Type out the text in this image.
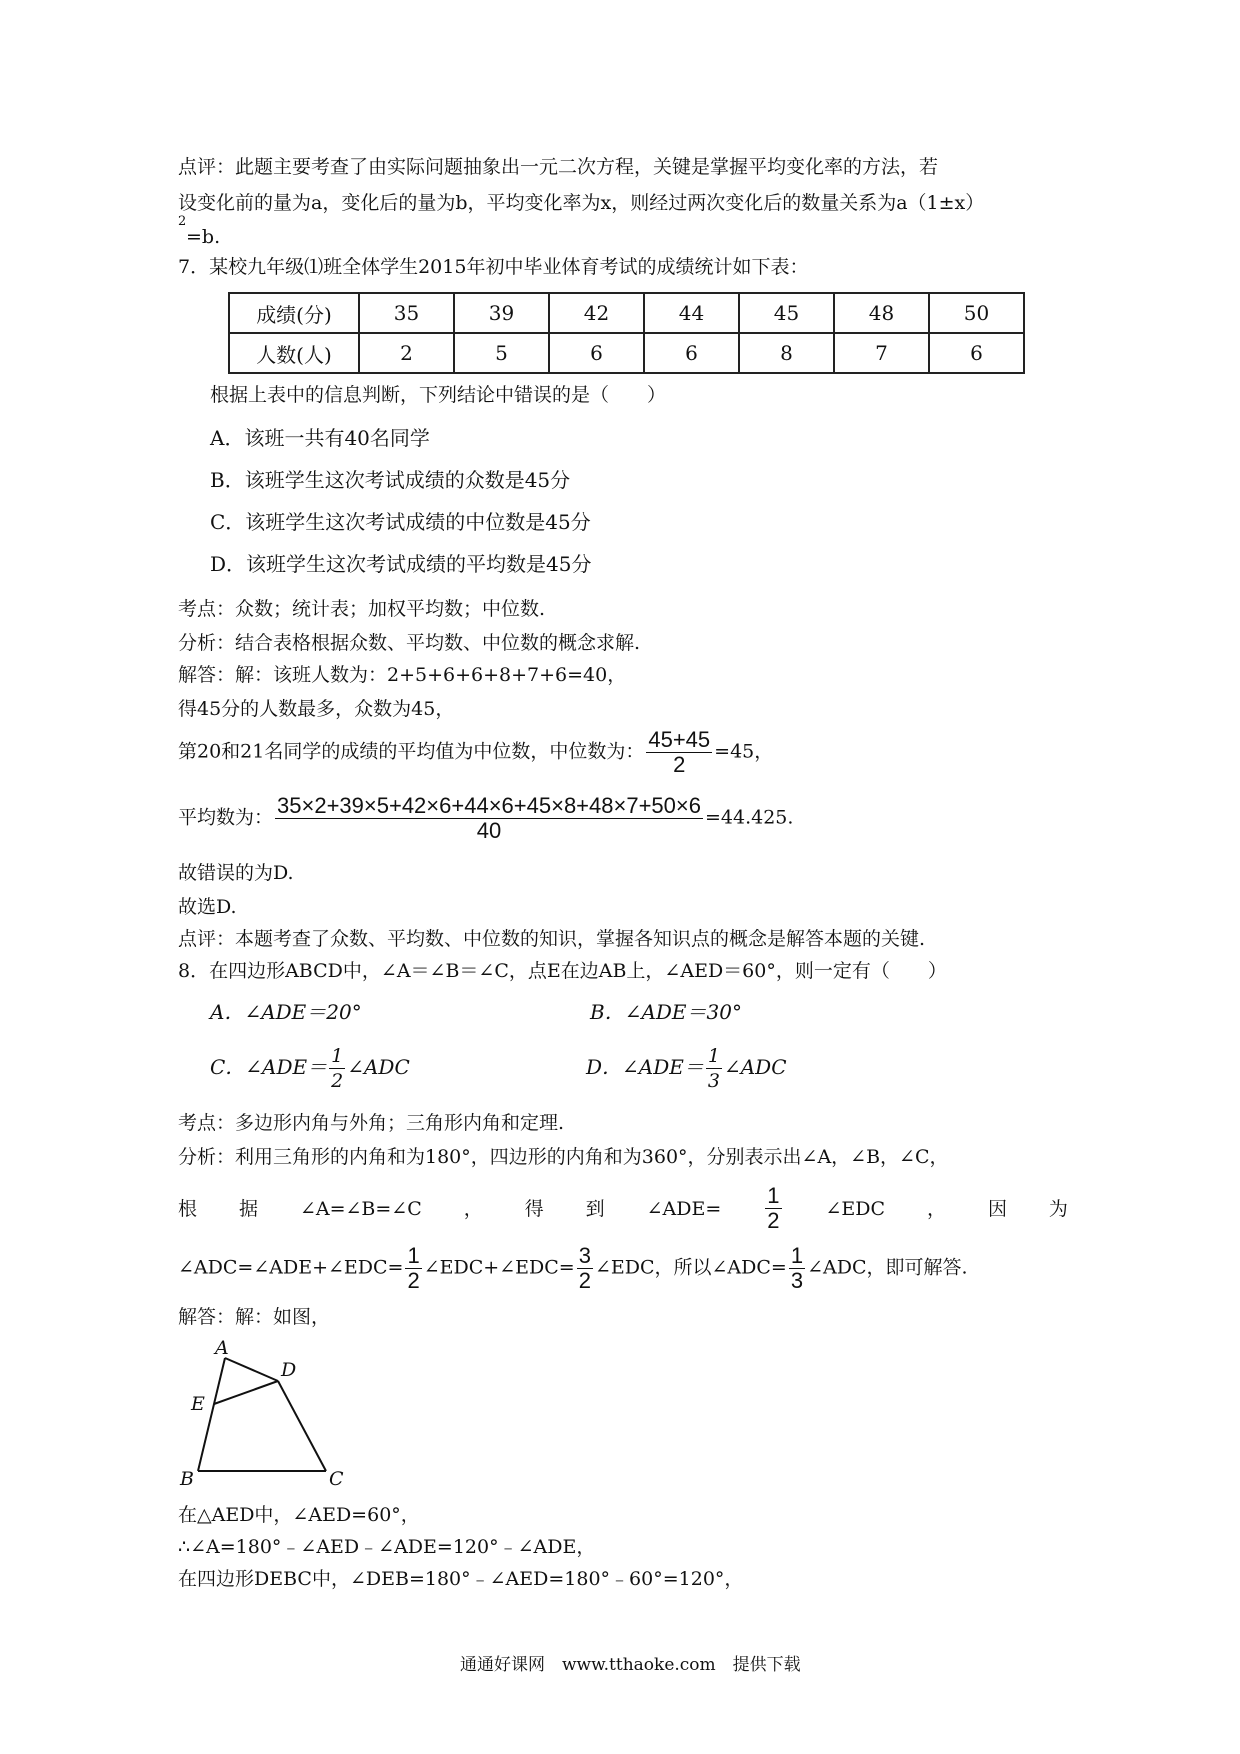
点评：此题主要考查了由实际问题抽象出一元二次方程，关键是掌握平均变化率的方法，若
设变化前的量为a，变化后的量为b，平均变化率为x，则经过两次变化后的数量关系为a（1±x）
2
=b.
7．某校九年级⑴班全体学生2015年初中毕业体育考试的成绩统计如下表：
成绩(分)	35	39	42	44	45	48	50
人数(人)	2	5	6	6	8	7	6
根据上表中的信息判断，下列结论中错误的是（　　）
A．该班一共有40名同学
B．该班学生这次考试成绩的众数是45分
C．该班学生这次考试成绩的中位数是45分
D．该班学生这次考试成绩的平均数是45分
考点：众数；统计表；加权平均数；中位数.
分析：结合表格根据众数、平均数、中位数的概念求解.
解答：解：该班人数为：2+5+6+6+8+7+6=40，
得45分的人数最多，众数为45，
第20和21名同学的成绩的平均值为中位数，中位数为： $\frac{45+45}{2} =45$，
平均数为： $\frac{35\times 2+39\times 5+42\times 6+44\times 6+45\times 8+48\times 7+50\times 6}{40} =44.425$.
故错误的为D.
故选D.
点评：本题考查了众数、平均数、中位数的知识，掌握各知识点的概念是解答本题的关键.
8．在四边形ABCD中，∠A＝∠B＝∠C，点E在边AB上，∠AED＝60°，则一定有（　　）
A．∠ADE＝20°	B．∠ADE＝30°
C．∠ADE＝ $\frac{1}{2}$ ∠ADC	D．∠ADE＝ $\frac{1}{3}$ ∠ADC
考点：多边形内角与外角；三角形内角和定理.
分析：利用三角形的内角和为180°，四边形的内角和为360°，分别表示出∠A，∠B，∠C，
根 据 ∠A=∠B=∠C ， 得 到 ∠ADE= $\frac{1}{2}$ ∠EDC ， 因 为
∠ADC=∠ADE+∠EDC= $\frac{1}{2}$ ∠EDC+∠EDC= $\frac{3}{2}$ ∠EDC，所以∠ADC= $\frac{1}{3}$ ∠ADC，即可解答.
解答：解：如图，
A
D
E
B	C
在△AED中，∠AED=60°，
∴∠A=180°﹣∠AED﹣∠ADE=120°﹣∠ADE，
在四边形DEBC中，∠DEB=180°﹣∠AED=180°﹣60°=120°，
通通好课网　www.tthaoke.com　提供下载
